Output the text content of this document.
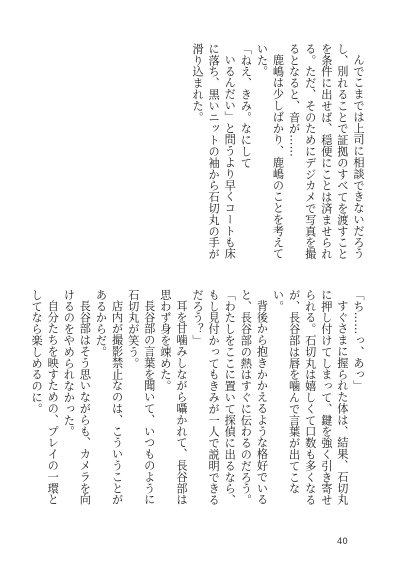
んでこまでは上司に相談できないだろうし、別れることで証拠のすべてを渡すことを条件に出せば、穏便にことは済ませられる。ただ、そのためにデジカメで写真を撮るとなると、音が……

鹿嶋は少しばかり、鹿嶋のことを考えていた。

「ねえ、きみ。なにして

いるんだい」と問うより早くコートも床に落ち、黒いニットの袖から石切丸の手が滑り込まれた。

「ち……っ、あっ」

すぐさまに握られた体は、結果、石切丸に押し付けてしまって、鍵を強く引き寄せられる。石切丸は嬉しくて口数も多くなるが、長谷部は唇を噛んで言葉が出てこない。

背後から抱きかかえるような格好でいると、長谷部の熱はすぐに伝わるのだろう。

「わたしをここに置いて探偵に出るなら、もし見付かってもきみが一人で説明できるだろう？」

耳を甘噛みしながら囁かれて、長谷部は思わず身を竦めた。

長谷部の言葉を聞いて、いつものように石切丸が笑う。

店内が撮影禁止なのは、こういうことがあるからだ。

長谷部はそう思いながらも、カメラを向けるのをやめられなかった。

自分たちを映すための、プレイの一環としてなら楽しめるのに。

40
